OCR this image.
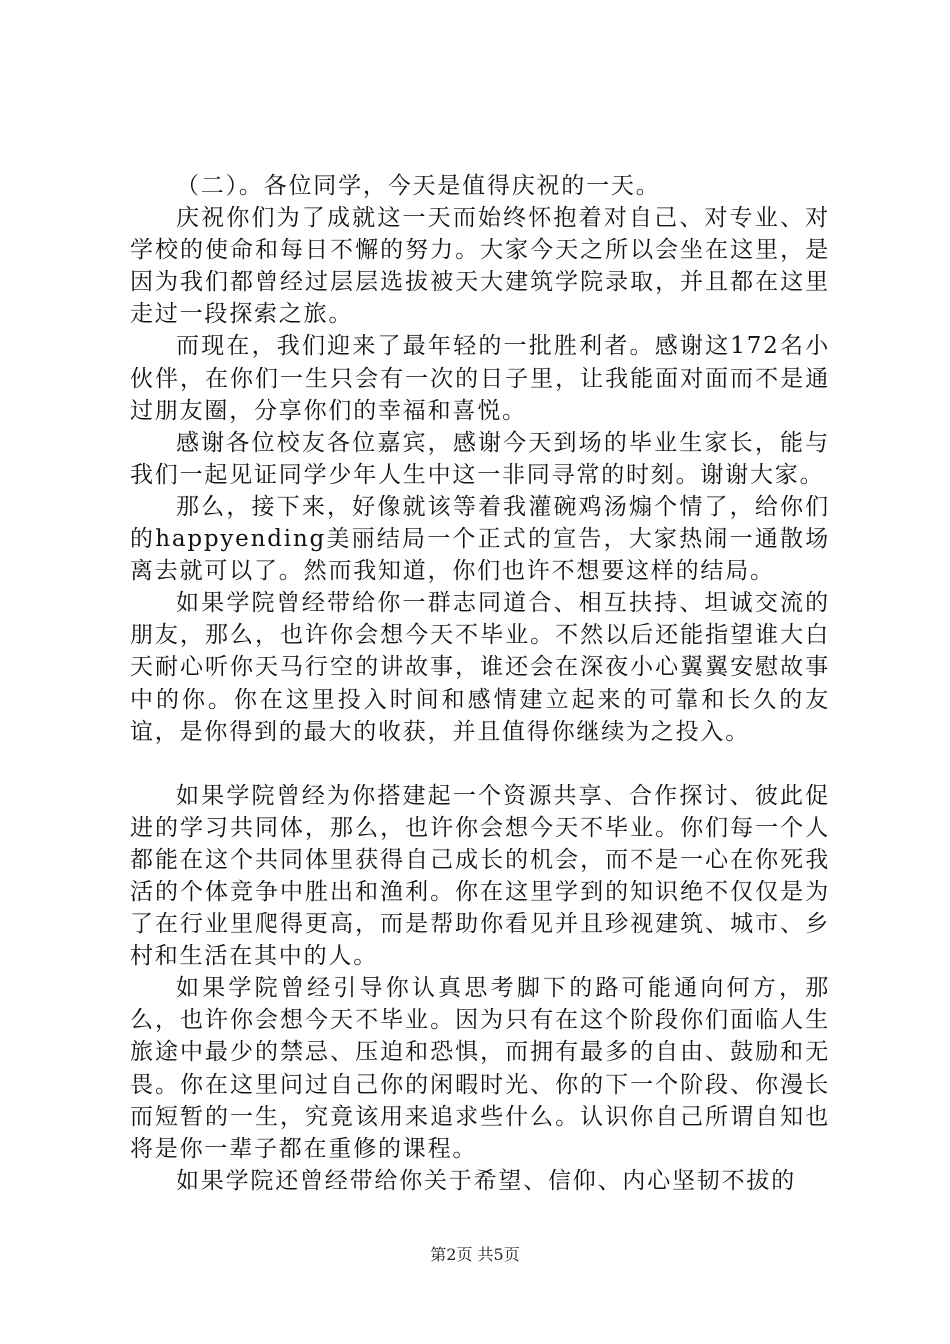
（二）。各位同学，今天是值得庆祝的一天。

庆祝你们为了成就这一天而始终怀抱着对自己、对专业、对学校的使命和每日不懈的努力。大家今天之所以会坐在这里，是因为我们都曾经过层层选拔被天大建筑学院录取，并且都在这里走过一段探索之旅。

而现在，我们迎来了最年轻的一批胜利者。感谢这172名小伙伴，在你们一生只会有一次的日子里，让我能面对面而不是通过朋友圈，分享你们的幸福和喜悦。

感谢各位校友各位嘉宾，感谢今天到场的毕业生家长，能与我们一起见证同学少年人生中这一非同寻常的时刻。谢谢大家。

那么，接下来，好像就该等着我灌碗鸡汤煽个情了，给你们的happyending美丽结局一个正式的宣告，大家热闹一通散场离去就可以了。然而我知道，你们也许不想要这样的结局。

如果学院曾经带给你一群志同道合、相互扶持、坦诚交流的朋友，那么，也许你会想今天不毕业。不然以后还能指望谁大白天耐心听你天马行空的讲故事，谁还会在深夜小心翼翼安慰故事中的你。你在这里投入时间和感情建立起来的可靠和长久的友谊，是你得到的最大的收获，并且值得你继续为之投入。

如果学院曾经为你搭建起一个资源共享、合作探讨、彼此促进的学习共同体，那么，也许你会想今天不毕业。你们每一个人都能在这个共同体里获得自己成长的机会，而不是一心在你死我活的个体竞争中胜出和渔利。你在这里学到的知识绝不仅仅是为了在行业里爬得更高，而是帮助你看见并且珍视建筑、城市、乡村和生活在其中的人。

如果学院曾经引导你认真思考脚下的路可能通向何方，那么，也许你会想今天不毕业。因为只有在这个阶段你们面临人生旅途中最少的禁忌、压迫和恐惧，而拥有最多的自由、鼓励和无畏。你在这里问过自己你的闲暇时光、你的下一个阶段、你漫长而短暂的一生，究竟该用来追求些什么。认识你自己所谓自知也将是你一辈子都在重修的课程。

如果学院还曾经带给你关于希望、信仰、内心坚韧不拔的

第2页 共5页
